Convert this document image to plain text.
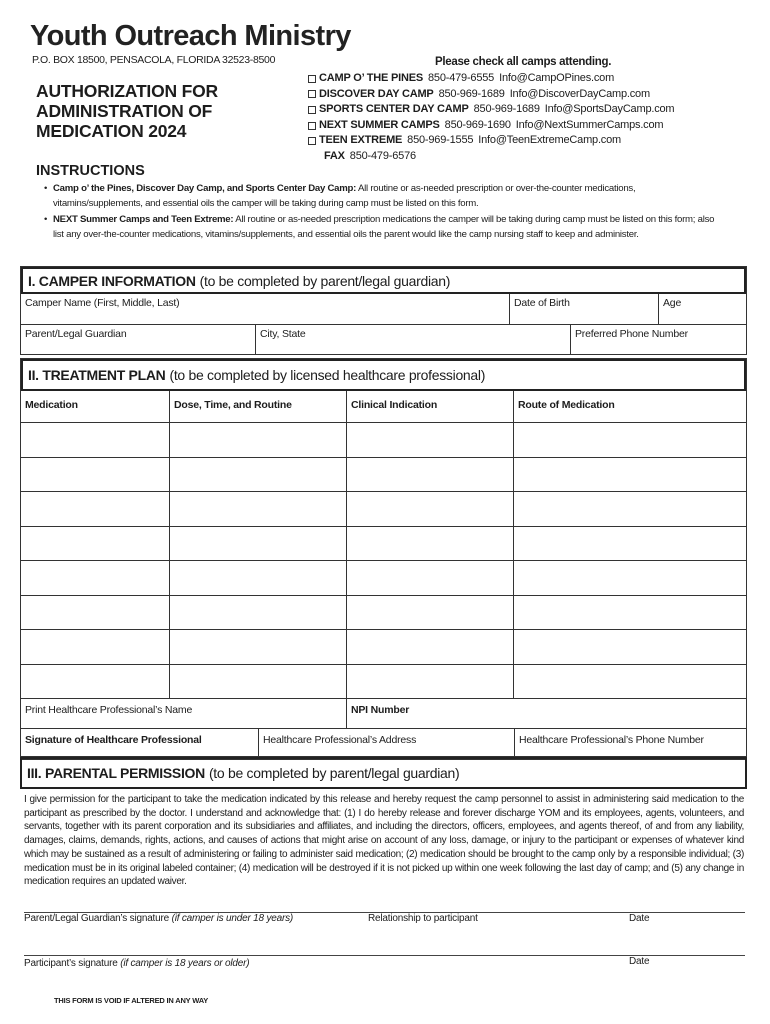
Youth Outreach Ministry
P.O. BOX 18500, PENSACOLA, FLORIDA 32523-8500
AUTHORIZATION FOR
ADMINISTRATION OF
MEDICATION 2024
Please check all camps attending.
CAMP O’ THE PINES 850-479-6555 Info@CampOPines.com
DISCOVER DAY CAMP 850-969-1689 Info@DiscoverDayCamp.com
SPORTS CENTER DAY CAMP 850-969-1689 Info@SportsDayCamp.com
NEXT SUMMER CAMPS 850-969-1690 Info@NextSummerCamps.com
TEEN EXTREME 850-969-1555 Info@TeenExtremeCamp.com
FAX 850-479-6576
INSTRUCTIONS
• Camp o’ the Pines, Discover Day Camp, and Sports Center Day Camp: All routine or as-needed prescription or over-the-counter medications, vitamins/supplements, and essential oils the camper will be taking during camp must be listed on this form.
• NEXT Summer Camps and Teen Extreme: All routine or as-needed prescription medications the camper will be taking during camp must be listed on this form; also list any over-the-counter medications, vitamins/supplements, and essential oils the parent would like the camp nursing staff to keep and administer.
I. CAMPER INFORMATION (to be completed by parent/legal guardian)
Camper Name (First, Middle, Last)	Date of Birth	Age
Parent/Legal Guardian	City, State	Preferred Phone Number
II. TREATMENT PLAN (to be completed by licensed healthcare professional)
Medication	Dose, Time, and Routine	Clinical Indication	Route of Medication
Print Healthcare Professional’s Name	NPI Number
Signature of Healthcare Professional	Healthcare Professional’s Address	Healthcare Professional’s Phone Number
III. PARENTAL PERMISSION (to be completed by parent/legal guardian)
I give permission for the participant to take the medication indicated by this release and hereby request the camp personnel to assist in administering said medication to the participant as prescribed by the doctor. I understand and acknowledge that: (1) I do hereby release and forever discharge YOM and its employees, agents, volunteers, and servants, together with its parent corporation and its subsidiaries and affiliates, and including the directors, officers, employees, and agents thereof, of and from any liability, damages, claims, demands, rights, actions, and causes of actions that might arise on account of any loss, damage, or injury to the participant or expenses of whatever kind which may be sustained as a result of administering or failing to administer said medication; (2) medication should be brought to the camp only by a responsible individual; (3) medication must be in its original labeled container; (4) medication will be destroyed if it is not picked up within one week following the last day of camp; and (5) any change in medication requires an updated waiver.
Parent/Legal Guardian’s signature (if camper is under 18 years)	Relationship to participant	Date
Participant’s signature (if camper is 18 years or older)	Date
THIS FORM IS VOID IF ALTERED IN ANY WAY
